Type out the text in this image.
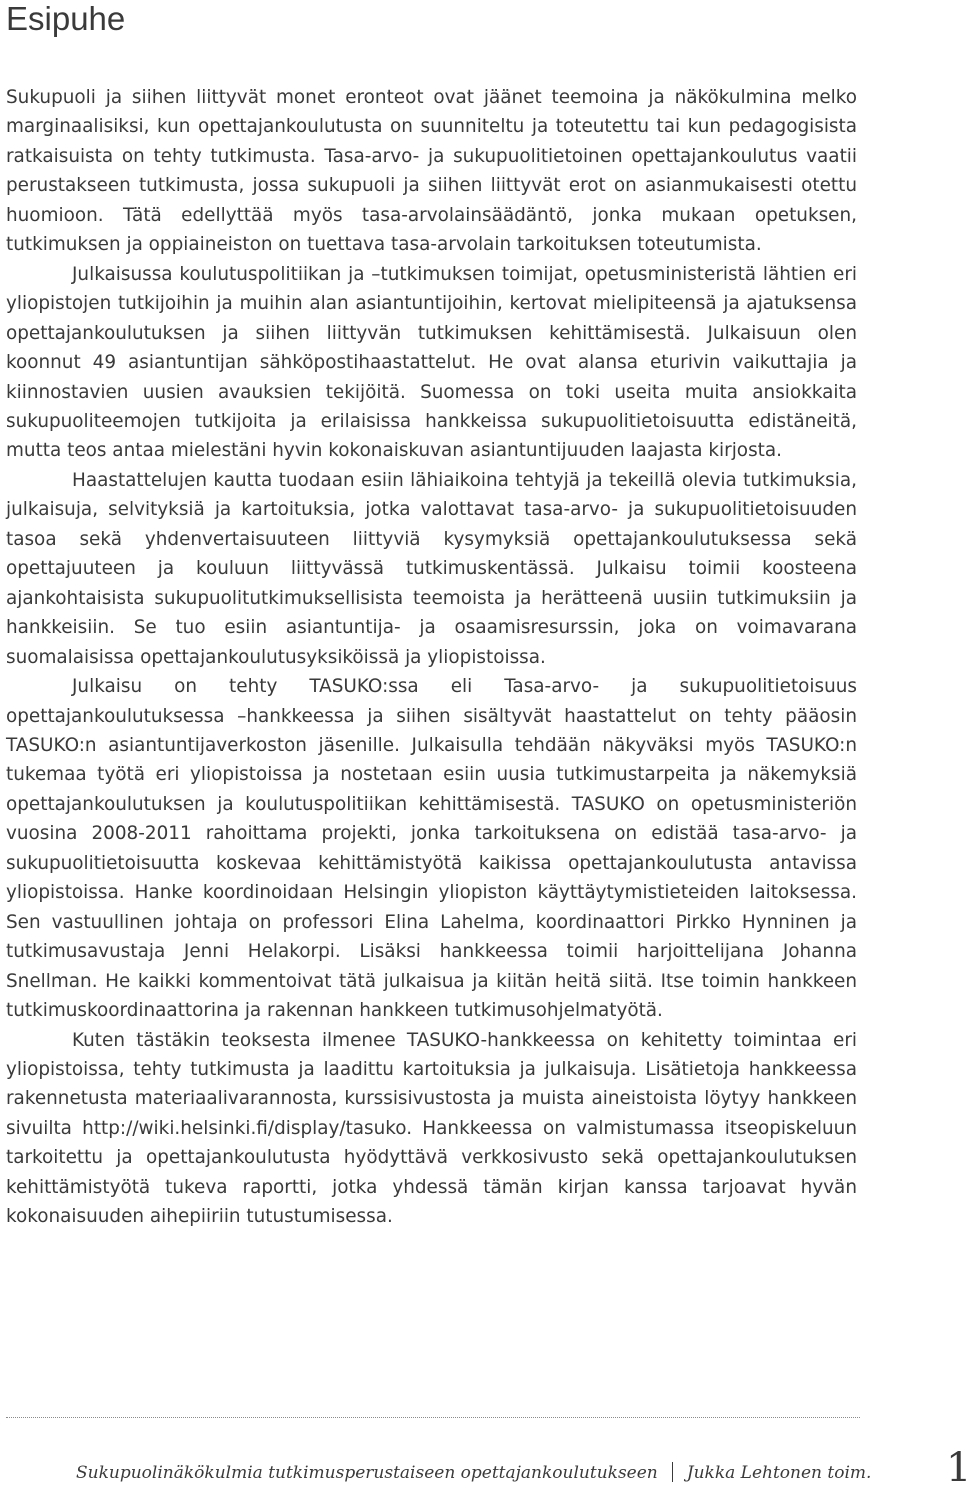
Esipuhe

Sukupuoli ja siihen liittyvät monet eronteot ovat jäänet teemoina ja näkökulmina melko marginaalisiksi, kun opettajankoulutusta on suunniteltu ja toteutettu tai kun pedagogisista ratkaisuista on tehty tutkimusta. Tasa-arvo- ja sukupuolitietoinen opettajankoulutus vaatii perustakseen tutkimusta, jossa sukupuoli ja siihen liittyvät erot on asianmukaisesti otettu huomioon. Tätä edellyttää myös tasa-arvolainsäädäntö, jonka mukaan opetuksen, tutkimuksen ja oppiaineiston on tuettava tasa-arvolain tarkoituksen toteutumista.

Julkaisussa koulutuspolitiikan ja –tutkimuksen toimijat, opetusministeristä lähtien eri yliopistojen tutkijoihin ja muihin alan asiantuntijoihin, kertovat mielipiteensä ja ajatuksensa opettajankoulutuksen ja siihen liittyvän tutkimuksen kehittämisestä. Julkaisuun olen koonnut 49 asiantuntijan sähköpostihaastattelut. He ovat alansa eturivin vaikuttajia ja kiinnostavien uusien avauksien tekijöitä. Suomessa on toki useita muita ansiokkaita sukupuoliteemojen tutkijoita ja erilaisissa hankkeissa sukupuolitietoisuutta edistäneitä, mutta teos antaa mielestäni hyvin kokonaiskuvan asiantuntijuuden laajasta kirjosta.

Haastattelujen kautta tuodaan esiin lähiaikoina tehtyjä ja tekeillä olevia tutkimuksia, julkaisuja, selvityksiä ja kartoituksia, jotka valottavat tasa-arvo- ja sukupuolitietoisuuden tasoa sekä yhdenvertaisuuteen liittyviä kysymyksiä opettajankoulutuksessa sekä opettajuuteen ja kouluun liittyvässä tutkimuskentässä. Julkaisu toimii koosteena ajankohtaisista sukupuolitutkimuksellisista teemoista ja herätteenä uusiin tutkimuksiin ja hankkeisiin. Se tuo esiin asiantuntija- ja osaamisresurssin, joka on voimavarana suomalaisissa opettajankoulutusyksiköissä ja yliopistoissa.

Julkaisu on tehty TASUKO:ssa eli Tasa-arvo- ja sukupuolitietoisuus opettajankoulutuksessa –hankkeessa ja siihen sisältyvät haastattelut on tehty pääosin TASUKO:n asiantuntijaverkoston jäsenille. Julkaisulla tehdään näkyväksi myös TASUKO:n tukemaa työtä eri yliopistoissa ja nostetaan esiin uusia tutkimustarpeita ja näkemyksiä opettajankoulutuksen ja koulutuspolitiikan kehittämisestä. TASUKO on opetusministeriön vuosina 2008-2011 rahoittama projekti, jonka tarkoituksena on edistää tasa-arvo- ja sukupuolitietoisuutta koskevaa kehittämistyötä kaikissa opettajankoulutusta antavissa yliopistoissa. Hanke koordinoidaan Helsingin yliopiston käyttäytymistieteiden laitoksessa. Sen vastuullinen johtaja on professori Elina Lahelma, koordinaattori Pirkko Hynninen ja tutkimusavustaja Jenni Helakorpi. Lisäksi hankkeessa toimii harjoittelijana Johanna Snellman. He kaikki kommentoivat tätä julkaisua ja kiitän heitä siitä. Itse toimin hankkeen tutkimuskoordinaattorina ja rakennan hankkeen tutkimusohjelmatyötä.

Kuten tästäkin teoksesta ilmenee TASUKO-hankkeessa on kehitetty toimintaa eri yliopistoissa, tehty tutkimusta ja laadittu kartoituksia ja julkaisuja. Lisätietoja hankkeessa rakennetusta materiaalivarannosta, kurssisivustosta ja muista aineistoista löytyy hankkeen sivuilta http://wiki.helsinki.fi/display/tasuko. Hankkeessa on valmistumassa itseopiskeluun tarkoitettu ja opettajankoulutusta hyödyttävä verkkosivusto sekä opettajankoulutuksen kehittämistyötä tukeva raportti, jotka yhdessä tämän kirjan kanssa tarjoavat hyvän kokonaisuuden aihepiiriin tutustumisessa.

Sukupuolinäkökulmia tutkimusperustaiseen opettajankoulutukseen Jukka Lehtonen toim. 1
